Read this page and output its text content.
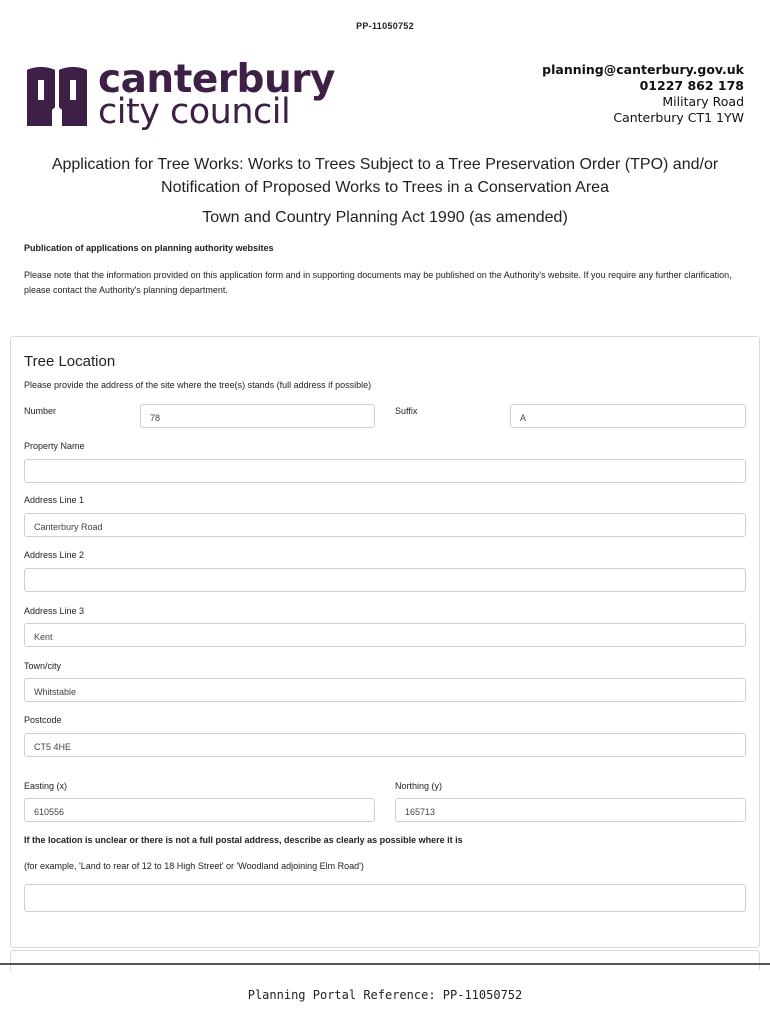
PP-11050752
canterbury
city council
planning@canterbury.gov.uk
01227 862 178
Military Road
Canterbury CT1 1YW
Application for Tree Works: Works to Trees Subject to a Tree Preservation Order (TPO) and/or Notification of Proposed Works to Trees in a Conservation Area
Town and Country Planning Act 1990 (as amended)
Publication of applications on planning authority websites
Please note that the information provided on this application form and in supporting documents may be published on the Authority's website. If you require any further clarification, please contact the Authority's planning department.
Tree Location
Please provide the address of the site where the tree(s) stands (full address if possible)
Number
78
Suffix
A
Property Name
Address Line 1
Canterbury Road
Address Line 2
Address Line 3
Kent
Town/city
Whitstable
Postcode
CT5 4HE
Easting (x)
610556
Northing (y)
165713
If the location is unclear or there is not a full postal address, describe as clearly as possible where it is
(for example, 'Land to rear of 12 to 18 High Street' or 'Woodland adjoining Elm Road')
Planning Portal Reference: PP-11050752
